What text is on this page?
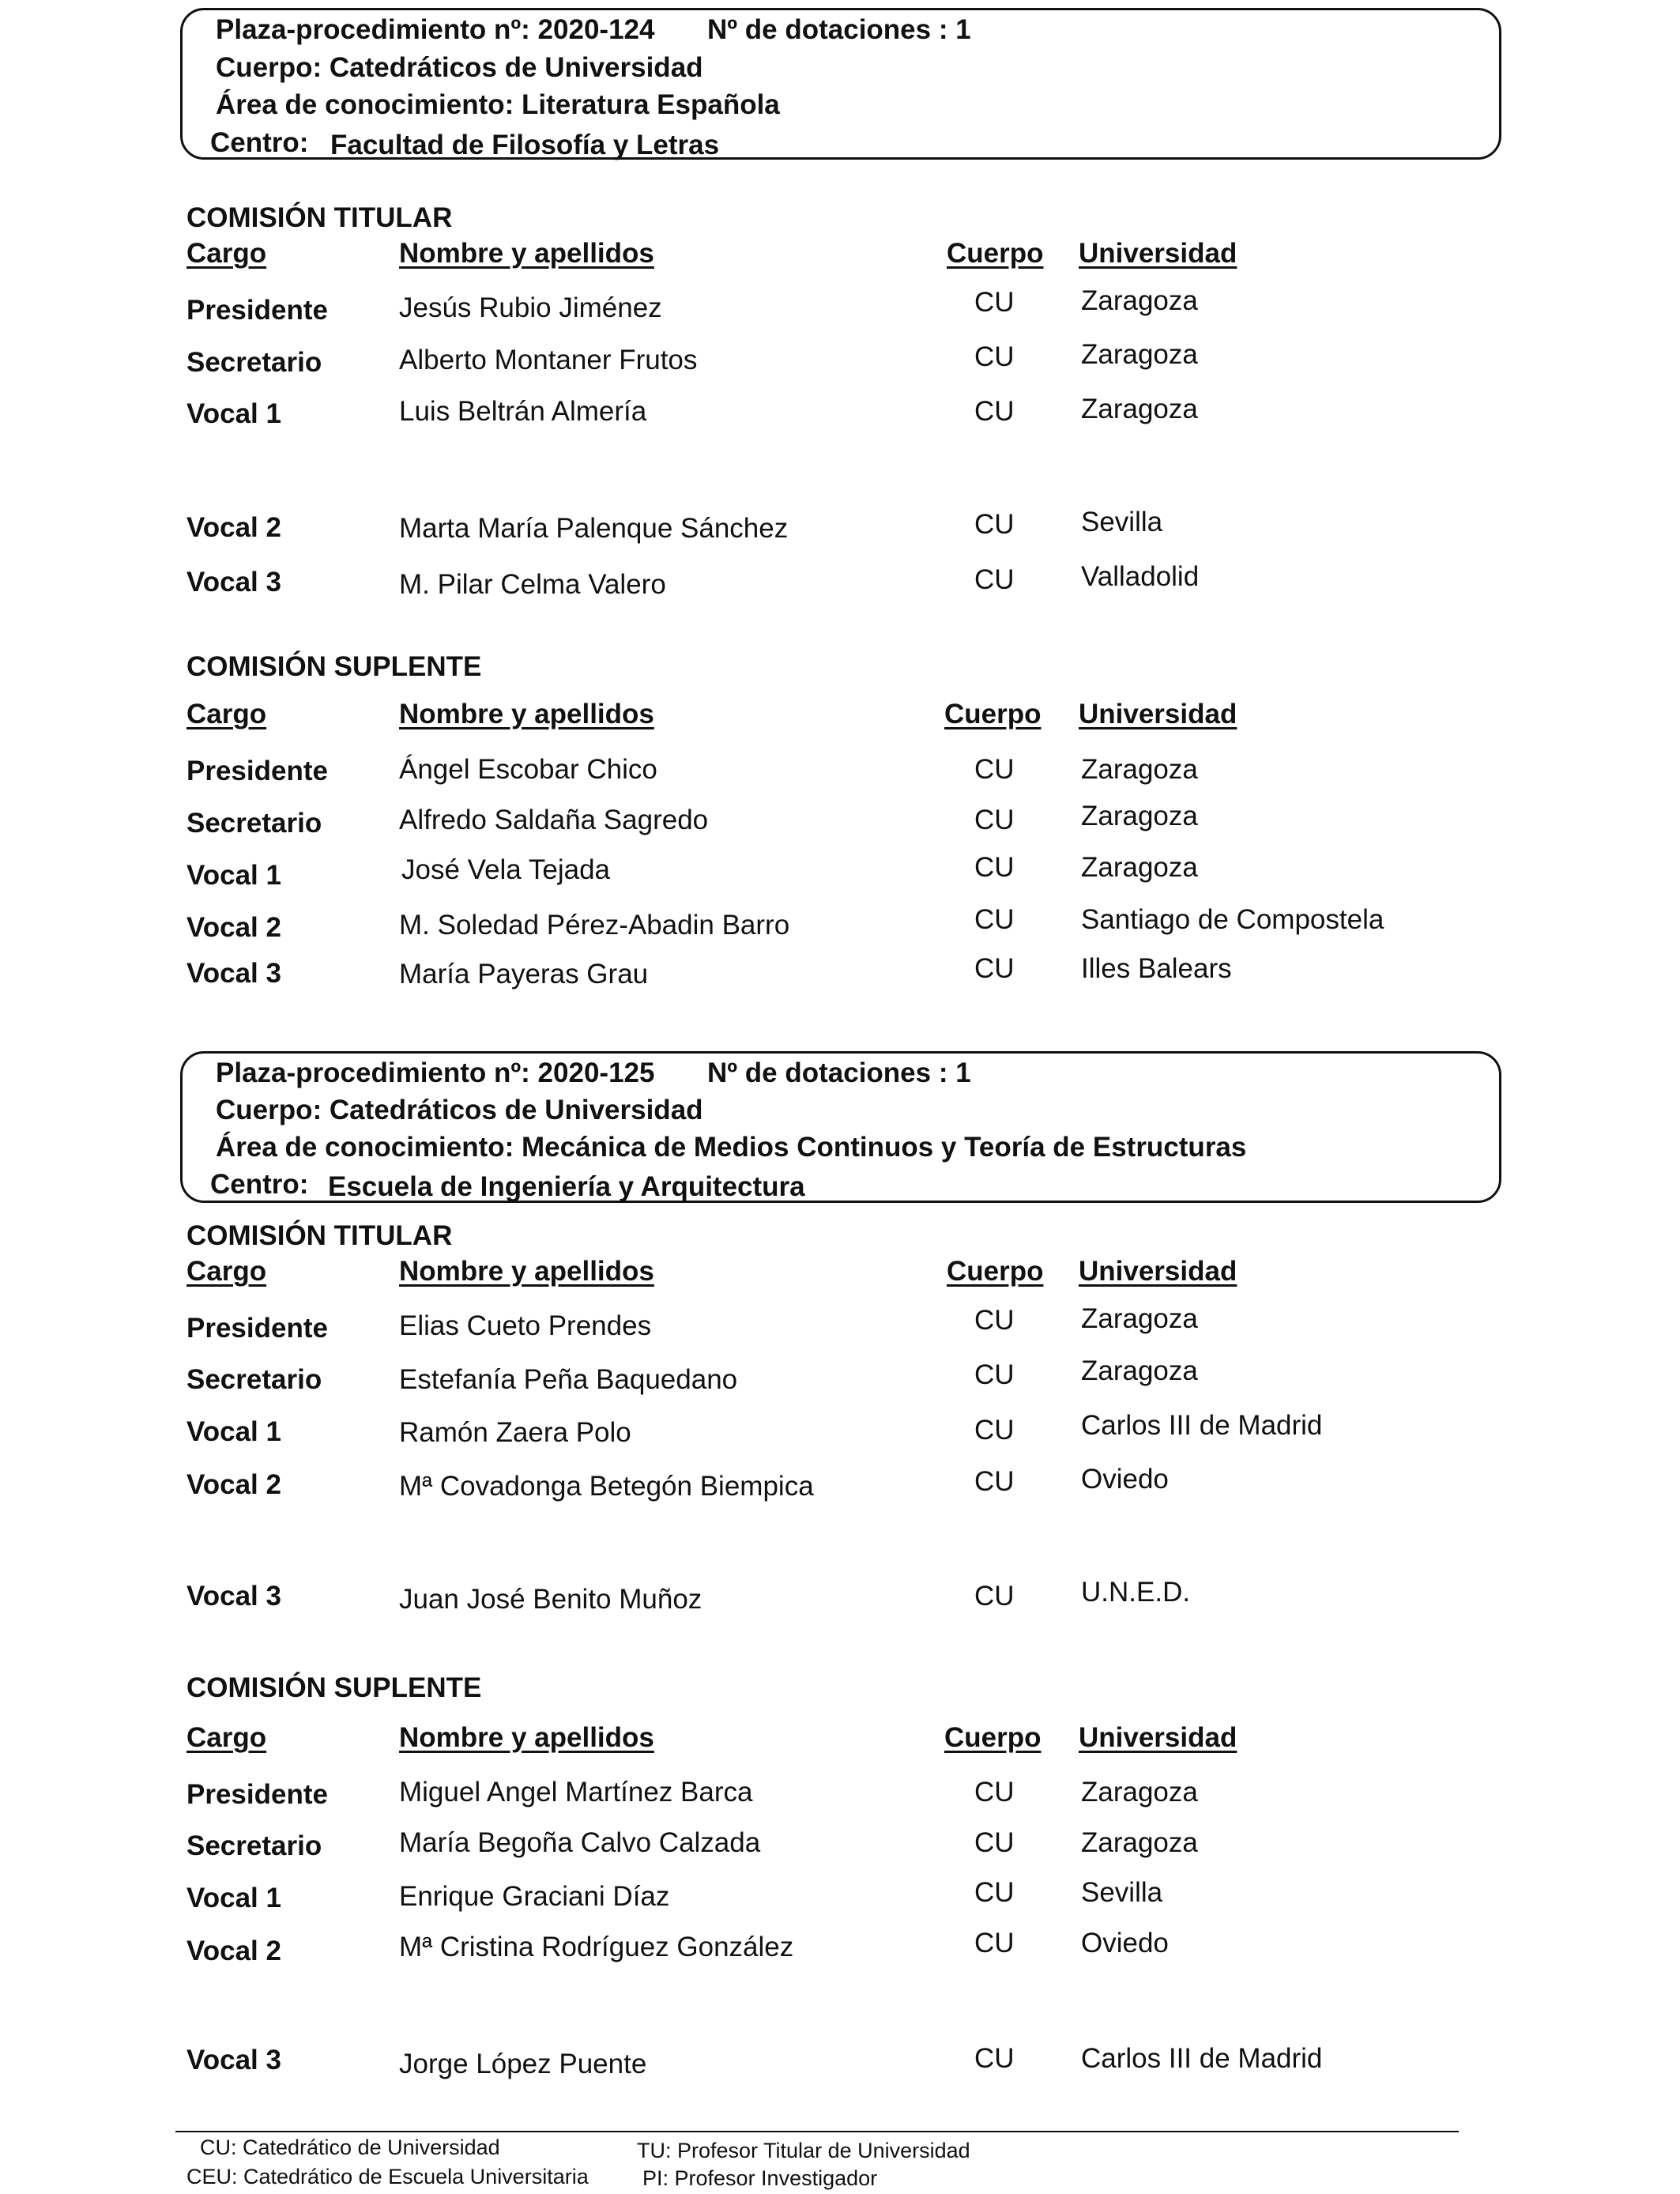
Plaza-procedimiento nº: 2020-124 Nº de dotaciones : 1
Cuerpo: Catedráticos de Universidad
Área de conocimiento: Literatura Española
Centro: Facultad de Filosofía y Letras
COMISIÓN TITULAR
Cargo	Nombre y apellidos	Cuerpo Universidad
Presidente	Jesús Rubio Jiménez	CU Zaragoza
Secretario	Alberto Montaner Frutos	CU Zaragoza
Vocal 1	Luis Beltrán Almería	CU Zaragoza
Vocal 2	Marta María Palenque Sánchez	CU Sevilla
Vocal 3	M. Pilar Celma Valero	CU Valladolid
COMISIÓN SUPLENTE
Cargo	Nombre y apellidos	Cuerpo Universidad
Presidente	Ángel Escobar Chico	CU Zaragoza
Secretario	Alfredo Saldaña Sagredo	CU Zaragoza
Vocal 1	José Vela Tejada	CU Zaragoza
Vocal 2	M. Soledad Pérez-Abadin Barro	CU Santiago de Compostela
Vocal 3	María Payeras Grau	CU Illes Balears
Plaza-procedimiento nº: 2020-125 Nº de dotaciones : 1
Cuerpo: Catedráticos de Universidad
Área de conocimiento: Mecánica de Medios Continuos y Teoría de Estructuras
Centro: Escuela de Ingeniería y Arquitectura
COMISIÓN TITULAR
Cargo	Nombre y apellidos	Cuerpo Universidad
Presidente	Elias Cueto Prendes	CU Zaragoza
Secretario	Estefanía Peña Baquedano	CU Zaragoza
Vocal 1	Ramón Zaera Polo	CU Carlos III de Madrid
Vocal 2	Mª Covadonga Betegón Biempica	CU Oviedo
Vocal 3	Juan José Benito Muñoz	CU U.N.E.D.
COMISIÓN SUPLENTE
Cargo	Nombre y apellidos	Cuerpo Universidad
Presidente	Miguel Angel Martínez Barca	CU Zaragoza
Secretario	María Begoña Calvo Calzada	CU Zaragoza
Vocal 1	Enrique Graciani Díaz	CU Sevilla
Vocal 2	Mª Cristina Rodríguez González	CU Oviedo
Vocal 3	Jorge López Puente	CU Carlos III de Madrid
CU: Catedrático de Universidad
CEU: Catedrático de Escuela Universitaria
TU: Profesor Titular de Universidad
PI: Profesor Investigador
